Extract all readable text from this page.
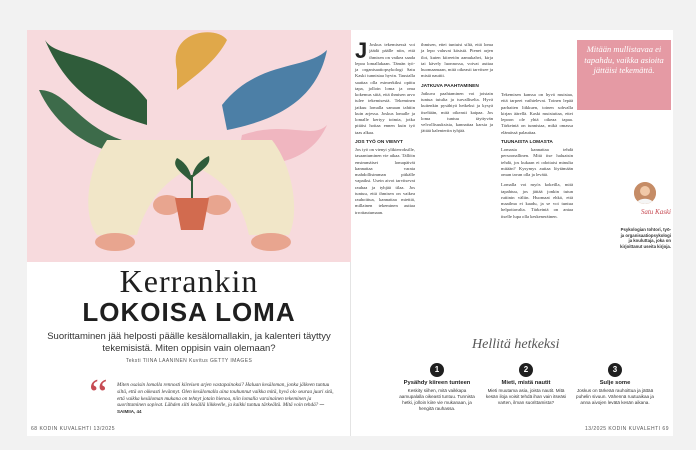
Kerrankin
LOKOISA LOMA
Suorittaminen jää helposti päälle kesälomallakin, ja kalenteri täyttyy tekemisistä. Miten oppisin vain olemaan?
Teksti TIINA LAANINEN Kuvitus GETTY IMAGES
“ Miten osaisin lomalla rennosti kiireisen arjen vastapainoksi? Haluan kesäloman, jonka jälkeen tuntuu siltä, että on oikeasti levännyt. Olen kesälomalla aina touhunnut vaikka mitä, hyvä olo seuraa juuri sitä, että vaikka kesäloman mukana on tehnyt jotain hienoa, niin lomalla varsinainen tekeminen ja suorittaminen sopivat. Lähden silti kesällä liikkeelle, ja kaikki tuntuu tärkeältä. Mitä voin tehdä? — SAIMIIA, 44
68 KODIN KUVALEHTI 13/2025

J Joskus tekemisessä voi jäädä päälle niin, että ihmisen on vaikea saada lepoa lomallakaan. Tämän työ- ja organisaatiopsykologi Satu Kaski tunnistaa hyvin. Taustalla saattaa olla esimerkiksi opittu tapa, jolloin loma ja oma kokemus siitä, että ihmisen arvo tulee tekemisestä. Tekeminen jatkuu lomalla samaan tahtiin kuin arjessa. Joskus lomalle ja lomalle kertyy toimia, jotka pitäisi hoitaa ennen kuin työ taas alkaa.

JOS TYÖ ON VIENYT

Jos työ on vienyt ylikierroksille, tasaantuminen vie aikaa. Tällöin ensimmäiset lomapäivät kannattaa varata mahdollisimman pitkälle vapaiksi. Usein aivot tarvitsevat rauhaa ja tyhjää tilaa. Jos tuntuu, että ihmisen on vaikea rauhoittua, kannattaa miettiä, millainen tekeminen auttaa irrottautumaan.

ihmisen, ettei tuntuisi siltä, että loma ja lepo valuvat käsistä. Pienet arjen ilot, kuten kiireetön aamukahvi, kirja tai kävely luonnossa, voivat auttaa huomaamaan, mitä oikeasti tarvitsee ja mistä nauttii.

JATKUVA PAAHTAMINEN

Jatkuva paahtaminen voi joistain tuntua tutulta ja turvalliselta. Hyvä kuitenkin pysähtyä hetkeksi ja kysyä itseltään, mitä oikeasti kaipaa. Jos loma tuntuu täyttyvän velvollisuuksista, kannattaa karsia ja jättää kalenteriin tyhjää.

Tekemisen kanssa on hyvä muistaa, että tarpeet vaihtelevat. Toinen lepää parhaiten liikkuen, toinen sohvalla kirjan äärellä. Kaski muistuttaa, ettei lepoon ole yhtä oikeaa tapaa. Tärkeintä on tunnistaa, mikä omassa elämässä palauttaa.

TUUNAISTA LOMASTA

Lomasta kannattaa tehdä persoonallinen. Mitä itse haluaisin tehdä, jos kukaan ei odottaisi minulta mitään? Kysymys auttaa löytämään oman tavan olla ja levätä.

Lomalla voi myös kokeilla, mitä tapahtuu, jos jättää jonkin tutun rutiinin väliin. Huomaat ehkä, että maailma ei kaadu, ja se voi tuntua helpottavalta. Tärkeintä on antaa itselle lupa olla keskeneräinen.

Mitään mullistavaa ei tapahdu, vaikka asioita jättäisi tekemättä.
Satu Kaski
Psykologian tohtori, työ- ja organisaatiopsykologi ja kouluttaja, joka on kirjoittanut useita kirjoja.
13/2025 KODIN KUVALEHTI 69
Hellitä hetkeksi
1
Pysähdy kiireen tunteen
Keskity siihen, mitä vaikkapa aamupalalla oikeasti tuntuu. Tunnista hetki, jolloin kiire vie mukanaan, ja hengitä rauhassa.
2
Mieti, mistä nautit
Mieti muutama asia, joista nautit. Mitä kesän iloja voisit tehdä ihan vain itseäsi varten, ilman suorittamista?
3
Sulje some
Joskus on tärkeää rauhoittua ja jättää puhelin sivuun. Vähennä ruutuaikaa ja anna aivojen levätä kesän aikana.
